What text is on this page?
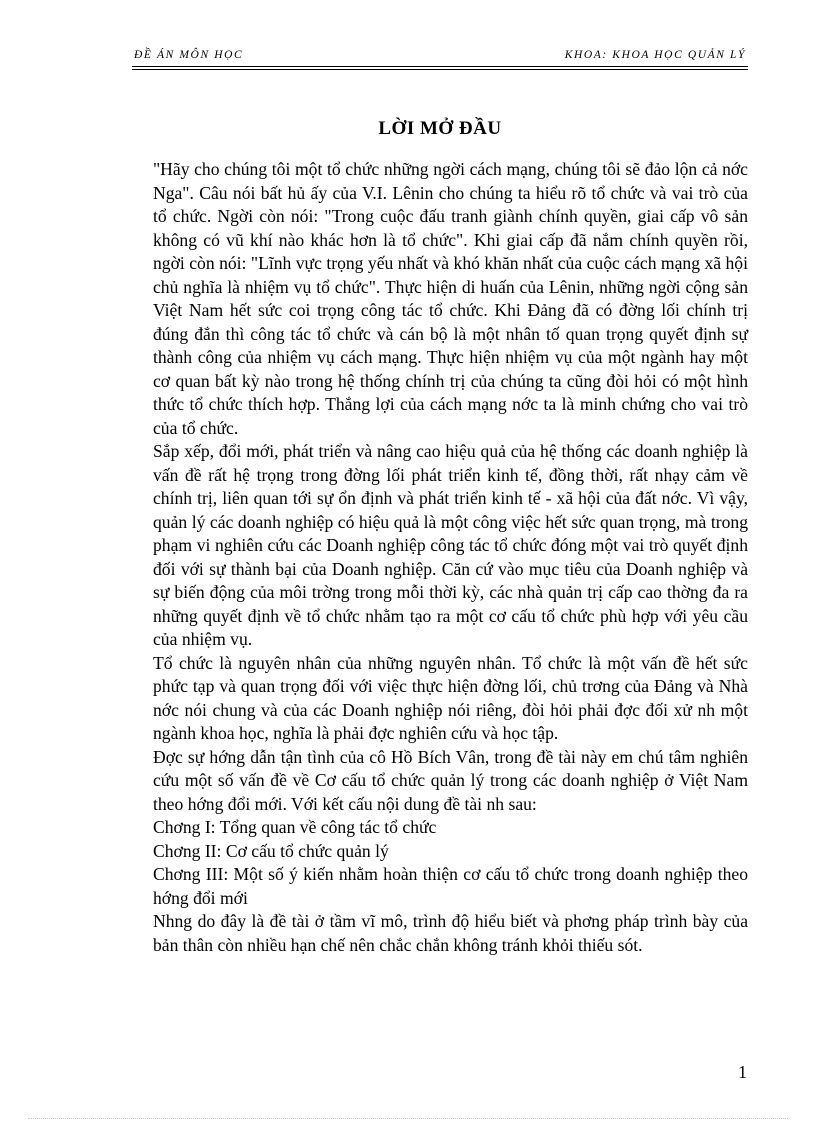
ĐỀ ÁN MÔN HỌC	KHOA: KHOA HỌC QUẢN LÝ
LỜI MỞ ĐẦU

"Hãy cho chúng tôi một tổ chức những ngời cách mạng, chúng tôi sẽ đảo lộn cả nớc Nga". Câu nói bất hủ ấy của V.I. Lênin cho chúng ta hiểu rõ tổ chức và vai trò của tổ chức. Ngời còn nói: "Trong cuộc đấu tranh giành chính quyền, giai cấp vô sản không có vũ khí nào khác hơn là tổ chức". Khi giai cấp đã nắm chính quyền rồi, ngời còn nói: "Lĩnh vực trọng yếu nhất và khó khăn nhất của cuộc cách mạng xã hội chủ nghĩa là nhiệm vụ tổ chức". Thực hiện di huấn của Lênin, những ngời cộng sản Việt Nam hết sức coi trọng công tác tổ chức. Khi Đảng đã có đờng lối chính trị đúng đắn thì công tác tổ chức và cán bộ là một nhân tố quan trọng quyết định sự thành công của nhiệm vụ cách mạng. Thực hiện nhiệm vụ của một ngành hay một cơ quan bất kỳ nào trong hệ thống chính trị của chúng ta cũng đòi hỏi có một hình thức tổ chức thích hợp. Thắng lợi của cách mạng nớc ta là minh chứng cho vai trò của tổ chức.

Sắp xếp, đổi mới, phát triển và nâng cao hiệu quả của hệ thống các doanh nghiệp là vấn đề rất hệ trọng trong đờng lối phát triển kinh tế, đồng thời, rất nhạy cảm về chính trị, liên quan tới sự ổn định và phát triển kinh tế - xã hội của đất nớc. Vì vậy, quản lý các doanh nghiệp có hiệu quả là một công việc hết sức quan trọng, mà trong phạm vi nghiên cứu các Doanh nghiệp công tác tổ chức đóng một vai trò quyết định đối với sự thành bại của Doanh nghiệp. Căn cứ vào mục tiêu của Doanh nghiệp và sự biến động của môi trờng trong mỗi thời kỳ, các nhà quản trị cấp cao thờng đa ra những quyết định về tổ chức nhằm tạo ra một cơ cấu tổ chức phù hợp với yêu cầu của nhiệm vụ.

Tổ chức là nguyên nhân của những nguyên nhân. Tổ chức là một vấn đề hết sức phức tạp và quan trọng đối với việc thực hiện đờng lối, chủ trơng của Đảng và Nhà nớc nói chung và của các Doanh nghiệp nói riêng, đòi hỏi phải đợc đối xử nh một ngành khoa học, nghĩa là phải đợc nghiên cứu và học tập.

Đợc sự hớng dẫn tận tình của cô Hồ Bích Vân, trong đề tài này em chú tâm nghiên cứu một số vấn đề về Cơ cấu tổ chức quản lý trong các doanh nghiệp ở Việt Nam theo hớng đổi mới. Với kết cấu nội dung đề tài nh sau:

Chơng I: Tổng quan về công tác tổ chức

Chơng II: Cơ cấu tổ chức quản lý

Chơng III: Một số ý kiến nhằm hoàn thiện cơ cấu tổ chức trong doanh nghiệp theo hớng đổi mới

Nhng do đây là đề tài ở tầm vĩ mô, trình độ hiểu biết và phơng pháp trình bày của bản thân còn nhiều hạn chế nên chắc chắn không tránh khỏi thiếu sót.

1
